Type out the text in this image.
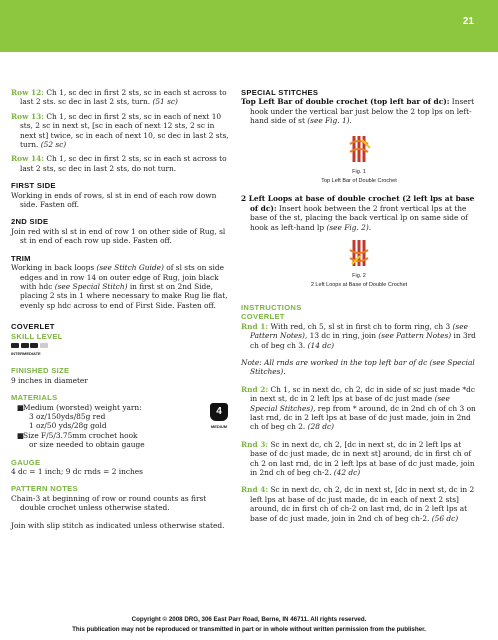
21

Row 12: Ch 1, sc dec in first 2 sts, sc in each st across to last 2 sts. sc dec in last 2 sts, turn. (51 sc)

Row 13: Ch 1, sc dec in first 2 sts, sc in each of next 10 sts, 2 sc in next st, [sc in each of next 12 sts, 2 sc in next st] twice, sc in each of next 10, sc dec in last 2 sts, turn. (52 sc)

Row 14: Ch 1, sc dec in first 2 sts, sc in each st across to last 2 sts, sc dec in last 2 sts, do not turn.

FIRST SIDE

Working in ends of rows, sl st in end of each row down side. Fasten off.

2ND SIDE

Join red with sl st in end of row 1 on other side of Rug, sl st in end of each row up side. Fasten off.

TRIM

Working in back loops (see Stitch Guide) of sl sts on side edges and in row 14 on outer edge of Rug, join black with hdc (see Special Stitch) in first st on 2nd Side, placing 2 sts in 1 where necessary to make Rug lie flat, evenly sp hdc across to end of First Side. Fasten off.

COVERLET

SKILL LEVEL

INTERMEDIATE

FINISHED SIZE

9 inches in diameter

MATERIALS

■Medium (worsted) weight yarn:

3 oz/150yds/85g red

1 oz/50 yds/28g gold

■Size F/5/3.75mm crochet hook

or size needed to obtain gauge

4
MEDIUM

GAUGE

4 dc = 1 inch; 9 dc rnds = 2 inches

PATTERN NOTES

Chain-3 at beginning of row or round counts as first double crochet unless otherwise stated.

Join with slip stitch as indicated unless otherwise stated.

SPECIAL STITCHES

Top Left Bar of double crochet (top left bar of dc): Insert hook under the vertical bar just below the 2 top lps on left-hand side of st (see Fig. 1).

Fig. 1
Top Left Bar of Double Crochet

2 Left Loops at base of double crochet (2 left lps at base of dc): Insert hook between the 2 front vertical lps at the base of the st, placing the back vertical lp on same side of hook as left-hand lp (see Fig. 2).

Fig. 2
2 Left Loops at Base of Double Crochet

INSTRUCTIONS

COVERLET

Rnd 1: With red, ch 5, sl st in first ch to form ring, ch 3 (see Pattern Notes), 13 dc in ring, join (see Pattern Notes) in 3rd ch of beg ch 3. (14 dc)

Note: All rnds are worked in the top left bar of dc (see Special Stitches).

Rnd 2: Ch 1, sc in next dc, ch 2, dc in side of sc just made *dc in next st, dc in 2 left lps at base of dc just made (see Special Stitches), rep from * around, dc in 2nd ch of ch 3 on last rnd, dc in 2 left lps at base of dc just made, join in 2nd ch of beg ch 2. (28 dc)

Rnd 3: Sc in next dc, ch 2, [dc in next st, dc in 2 left lps at base of dc just made, dc in next st] around, dc in first ch of ch 2 on last rnd, dc in 2 left lps at base of dc just made, join in 2nd ch of beg ch-2. (42 dc)

Rnd 4: Sc in next dc, ch 2, dc in next st, [dc in next st, dc in 2 left lps at base of dc just made, dc in each of next 2 sts] around, dc in first ch of ch-2 on last rnd, dc in 2 left lps at base of dc just made, join in 2nd ch of beg ch-2. (56 dc)

Copyright © 2008 DRG, 306 East Parr Road, Berne, IN 46711. All rights reserved.
This publication may not be reproduced or transmitted in part or in whole without written permission from the publisher.
